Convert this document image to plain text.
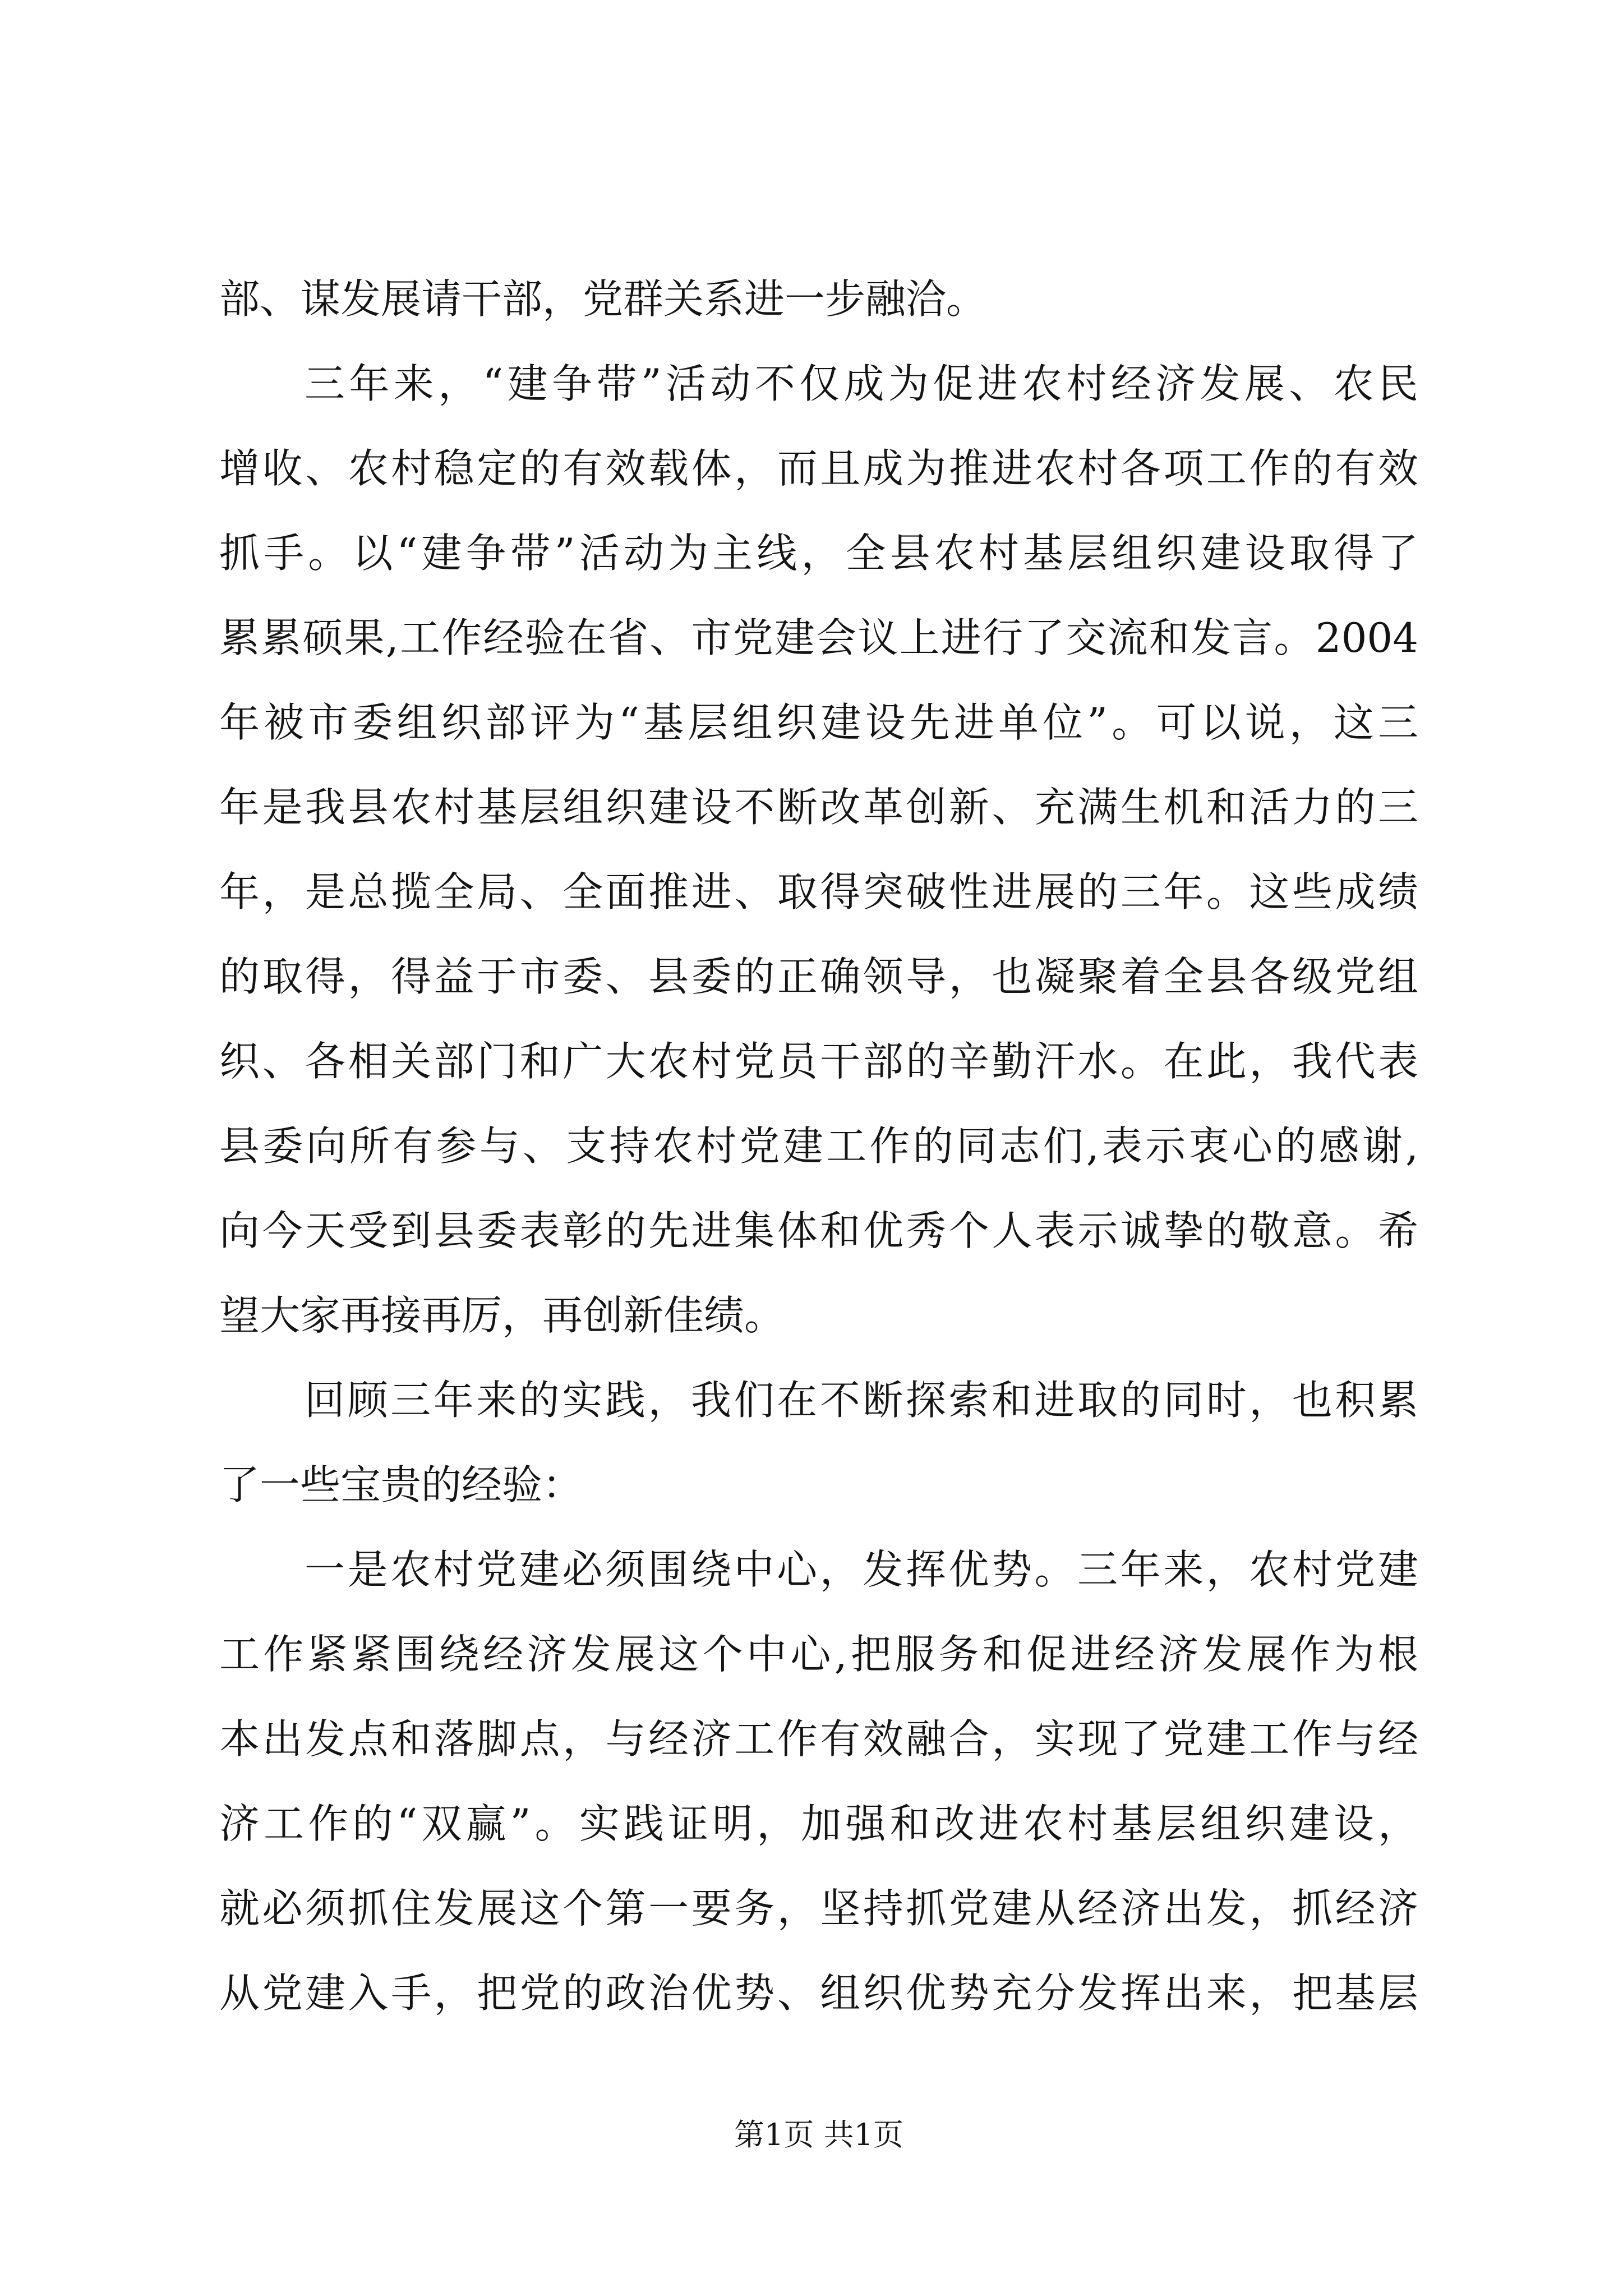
部、谋发展请干部，党群关系进一步融洽。
三年来，“建争带”活动不仅成为促进农村经济发展、农民
增收、农村稳定的有效载体，而且成为推进农村各项工作的有效
抓手。以“建争带”活动为主线，全县农村基层组织建设取得了
累累硕果,工作经验在省、市党建会议上进行了交流和发言。2004
年被市委组织部评为“基层组织建设先进单位”。可以说，这三
年是我县农村基层组织建设不断改革创新、充满生机和活力的三
年，是总揽全局、全面推进、取得突破性进展的三年。这些成绩
的取得，得益于市委、县委的正确领导，也凝聚着全县各级党组
织、各相关部门和广大农村党员干部的辛勤汗水。在此，我代表
县委向所有参与、支持农村党建工作的同志们,表示衷心的感谢,
向今天受到县委表彰的先进集体和优秀个人表示诚挚的敬意。希
望大家再接再厉，再创新佳绩。
回顾三年来的实践，我们在不断探索和进取的同时，也积累
了一些宝贵的经验：
一是农村党建必须围绕中心，发挥优势。三年来，农村党建
工作紧紧围绕经济发展这个中心,把服务和促进经济发展作为根
本出发点和落脚点，与经济工作有效融合，实现了党建工作与经
济工作的“双赢”。实践证明，加强和改进农村基层组织建设，
就必须抓住发展这个第一要务，坚持抓党建从经济出发，抓经济
从党建入手，把党的政治优势、组织优势充分发挥出来，把基层
第1页 共1页
